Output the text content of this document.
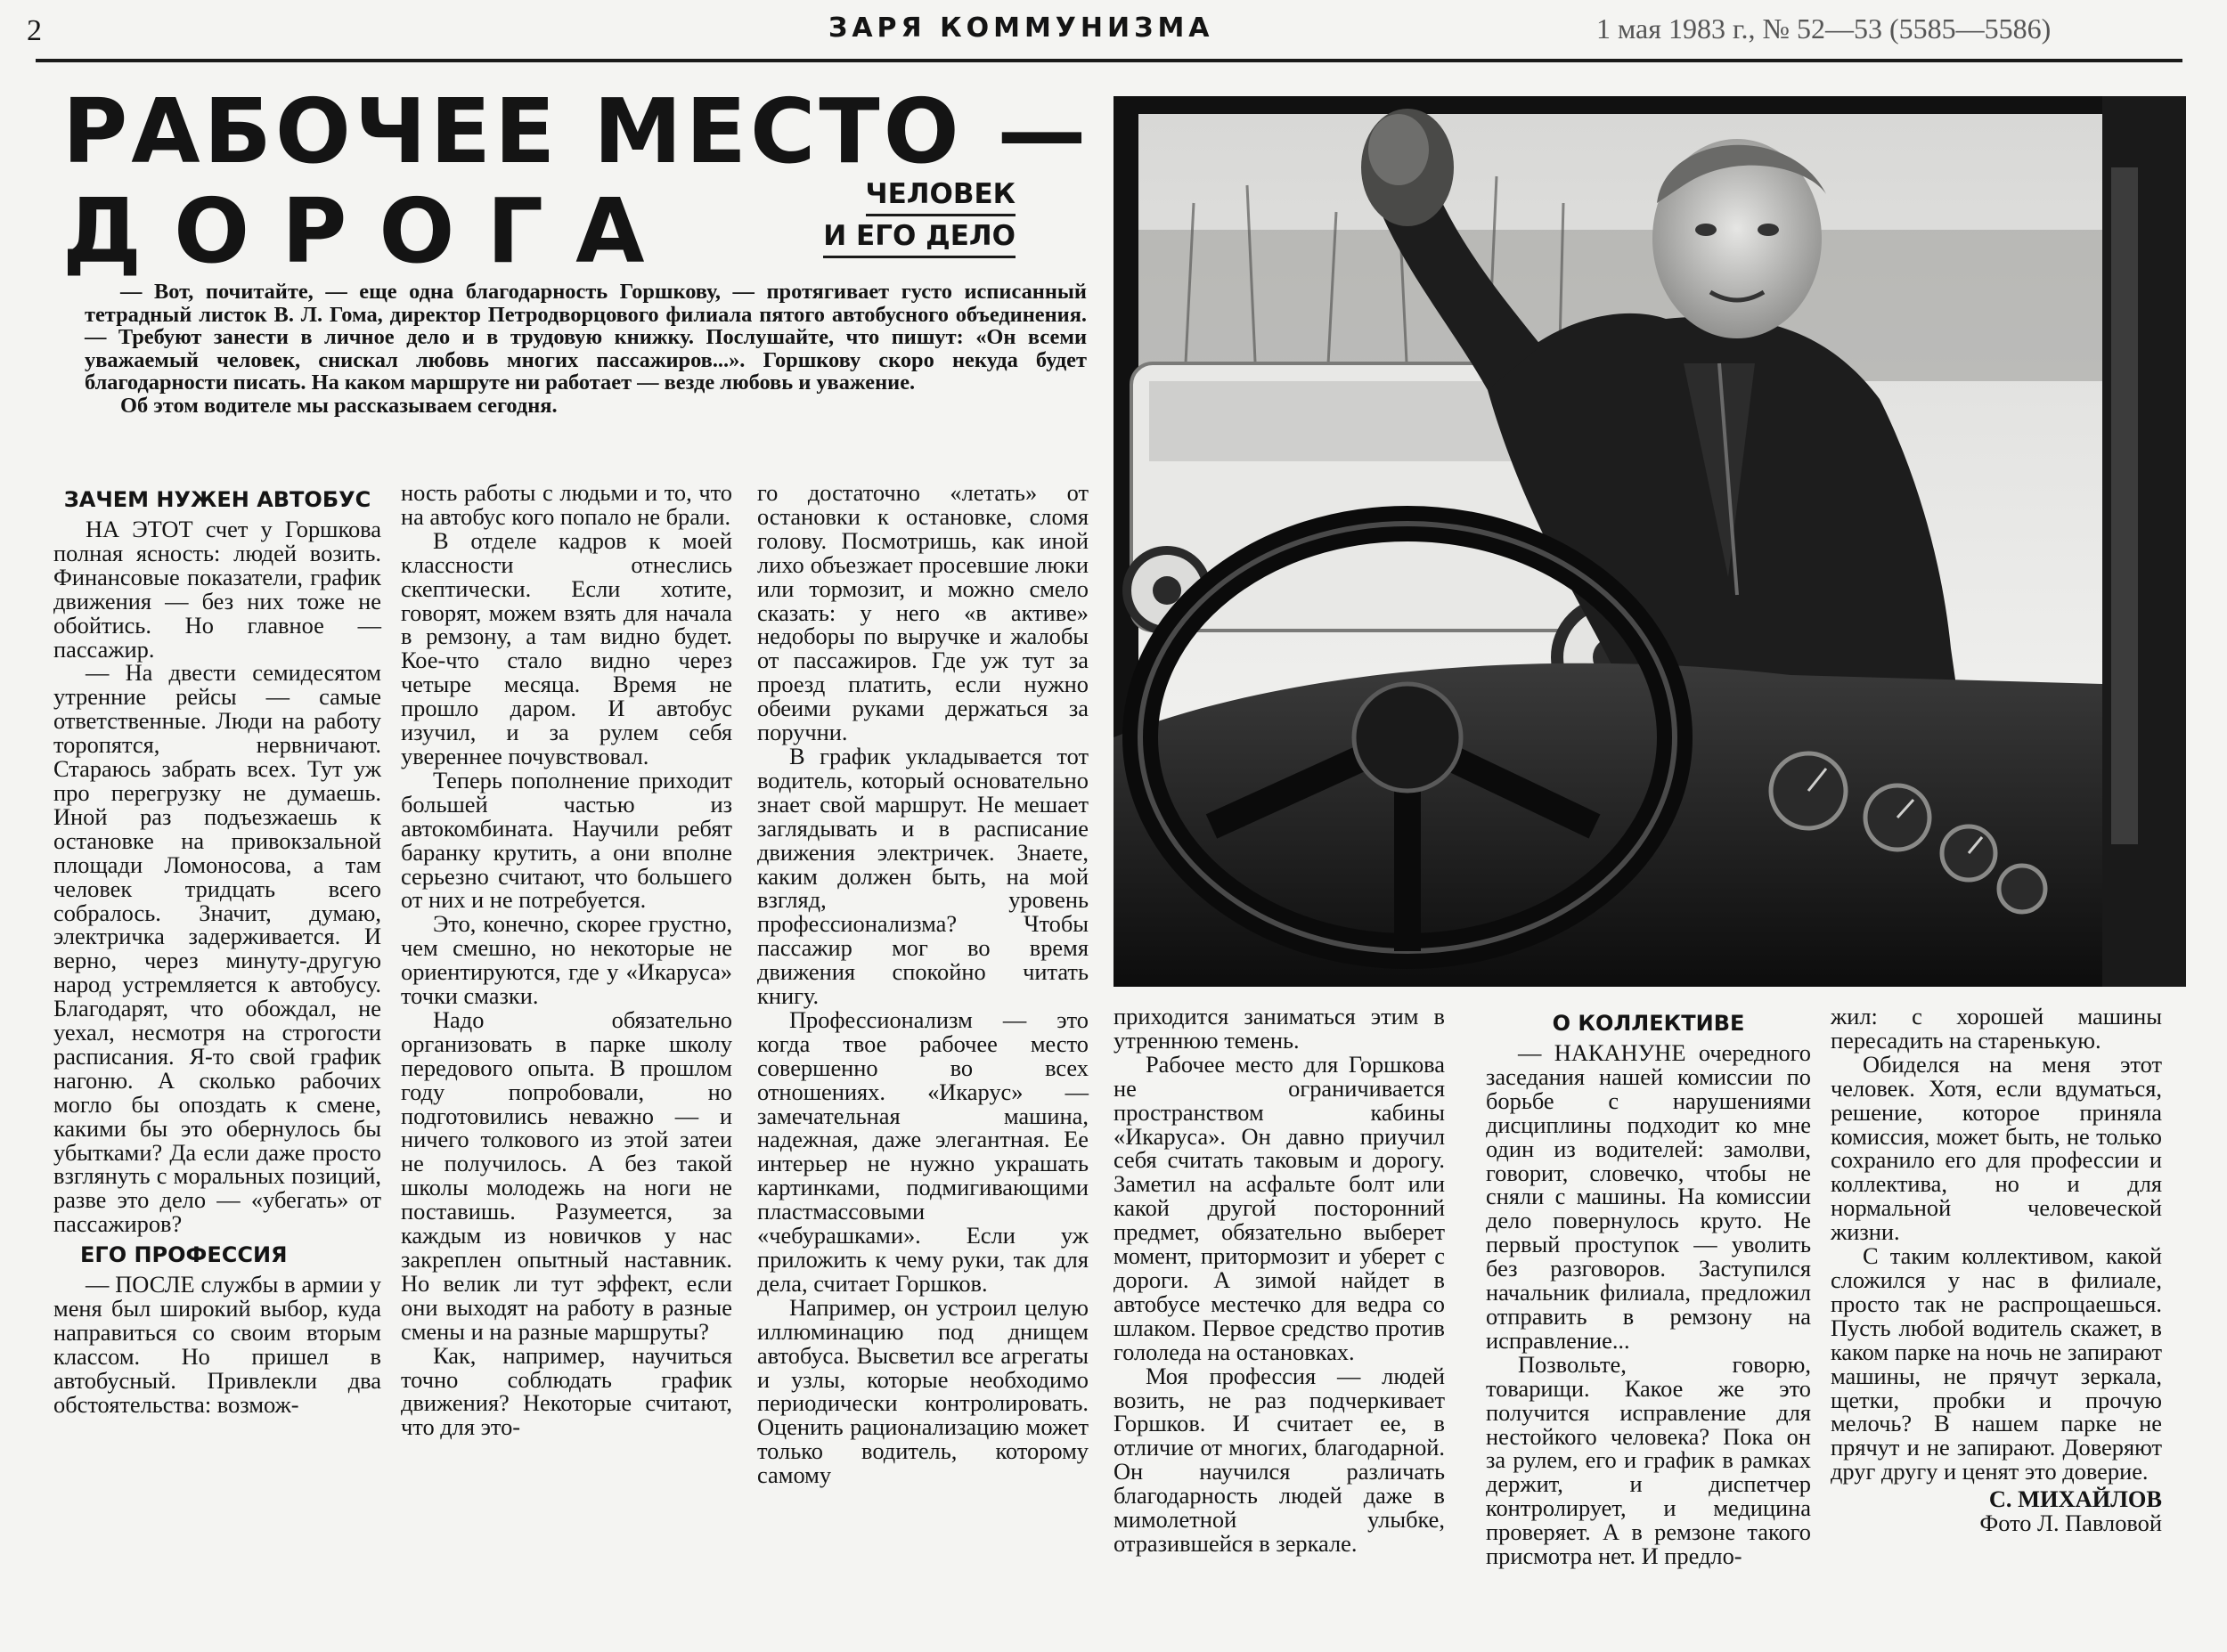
2	ЗАРЯ КОММУНИЗМА	1 мая 1983 г., № 52—53 (5585—5586)
РАБОЧЕЕ МЕСТО —
ДОРОГА	ЧЕЛОВЕК
И ЕГО ДЕЛО

— Вот, почитайте, — еще одна благодарность Горшкову, — протягивает густо исписанный тетрадный листок В. Л. Гома, директор Петродворцового филиала пятого автобусного объединения. — Требуют занести в личное дело и в трудовую книжку. Послушайте, что пишут: «Он всеми уважаемый человек, снискал любовь многих пассажиров...». Горшкову скоро некуда будет благодарности писать. На каком маршруте ни работает — везде любовь и уважение.

Об этом водителе мы рассказываем сегодня.

ЗАЧЕМ НУЖЕН АВТОБУС

НА ЭТОТ счет у Горшкова полная ясность: людей возить. Финансовые показатели, график движения — без них тоже не обойтись. Но главное — пассажир.

— На двести семидесятом утренние рейсы — самые ответственные. Люди на работу торопятся, нервничают. Стараюсь забрать всех. Тут уж про перегрузку не думаешь. Иной раз подъезжаешь к остановке на привокзальной площади Ломоносова, а там человек тридцать всего собралось. Значит, думаю, электричка задерживается. И верно, через минуту-другую народ устремляется к автобусу. Благодарят, что обождал, не уехал, несмотря на строгости расписания. Я-то свой график нагоню. А сколько рабочих могло бы опоздать к смене, какими бы это обернулось бы убытками? Да если даже просто взглянуть с моральных позиций, разве это дело — «убегать» от пассажиров?

ЕГО ПРОФЕССИЯ

— ПОСЛЕ службы в армии у меня был широкий выбор, куда направиться со своим вторым классом. Но пришел в автобусный. Привлекли два обстоятельства: возмож-

ность работы с людьми и то, что на автобус кого попало не брали.

В отделе кадров к моей классности отнеслись скептически. Если хотите, говорят, можем взять для начала в ремзону, а там видно будет. Кое-что стало видно через четыре месяца. Время не прошло даром. И автобус изучил, и за рулем себя увереннее почувствовал.

Теперь пополнение приходит большей частью из автокомбината. Научили ребят баранку крутить, а они вполне серьезно считают, что большего от них и не потребуется.

Это, конечно, скорее грустно, чем смешно, но некоторые не ориентируются, где у «Икаруса» точки смазки.

Надо обязательно организовать в парке школу передового опыта. В прошлом году попробовали, но подготовились неважно — и ничего толкового из этой затеи не получилось. А без такой школы молодежь на ноги не поставишь. Разумеется, за каждым из новичков у нас закреплен опытный наставник. Но велик ли тут эффект, если они выходят на работу в разные смены и на разные маршруты?

Как, например, научиться точно соблюдать график движения? Некоторые считают, что для это-

го достаточно «летать» от остановки к остановке, сломя голову. Посмотришь, как иной лихо объезжает просевшие люки или тормозит, и можно смело сказать: у него «в активе» недоборы по выручке и жалобы от пассажиров. Где уж тут за проезд платить, если нужно обеими руками держаться за поручни.

В график укладывается тот водитель, который основательно знает свой маршрут. Не мешает заглядывать и в расписание движения электричек. Знаете, каким должен быть, на мой взгляд, уровень профессионализма? Чтобы пассажир мог во время движения спокойно читать книгу.

Профессионализм — это когда твое рабочее место совершенно во всех отношениях. «Икарус» — замечательная машина, надежная, даже элегантная. Ее интерьер не нужно украшать картинками, подмигивающими пластмассовыми «чебурашками». Если уж приложить к чему руки, так для дела, считает Горшков.

Например, он устроил целую иллюминацию под днищем автобуса. Высветил все агрегаты и узлы, которые необходимо периодически контролировать. Оценить рационализацию может только водитель, которому самому

приходится заниматься этим в утреннюю темень.

Рабочее место для Горшкова не ограничивается пространством кабины «Икаруса». Он давно приучил себя считать таковым и дорогу. Заметил на асфальте болт или какой другой посторонний предмет, обязательно выберет момент, притормозит и уберет с дороги. А зимой найдет в автобусе местечко для ведра со шлаком. Первое средство против гололеда на остановках.

Моя профессия — людей возить, не раз подчеркивает Горшков. И считает ее, в отличие от многих, благодарной. Он научился различать благодарность людей даже в мимолетной улыбке, отразившейся в зеркале.

О КОЛЛЕКТИВЕ

— НАКАНУНЕ очередного заседания нашей комиссии по борьбе с нарушениями дисциплины подходит ко мне один из водителей: замолви, говорит, словечко, чтобы не сняли с машины. На комиссии дело повернулось круто. Не первый проступок — уволить без разговоров. Заступился начальник филиала, предложил отправить в ремзону на исправление...

Позвольте, говорю, товарищи. Какое же это получится исправление для нестойкого человека? Пока он за рулем, его и график в рамках держит, и диспетчер контролирует, и медицина проверяет. А в ремзоне такого присмотра нет. И предло-

жил: с хорошей машины пересадить на старенькую.

Обиделся на меня этот человек. Хотя, если вдуматься, решение, которое приняла комиссия, может быть, не только сохранило его для профессии и коллектива, но и для нормальной человеческой жизни.

С таким коллективом, какой сложился у нас в филиале, просто так не распрощаешься. Пусть любой водитель скажет, в каком парке на ночь не запирают машины, не прячут зеркала, щетки, пробки и прочую мелочь? В нашем парке не прячут и не запирают. Доверяют друг другу и ценят это доверие.

С. МИХАЙЛОВ

Фото Л. Павловой
